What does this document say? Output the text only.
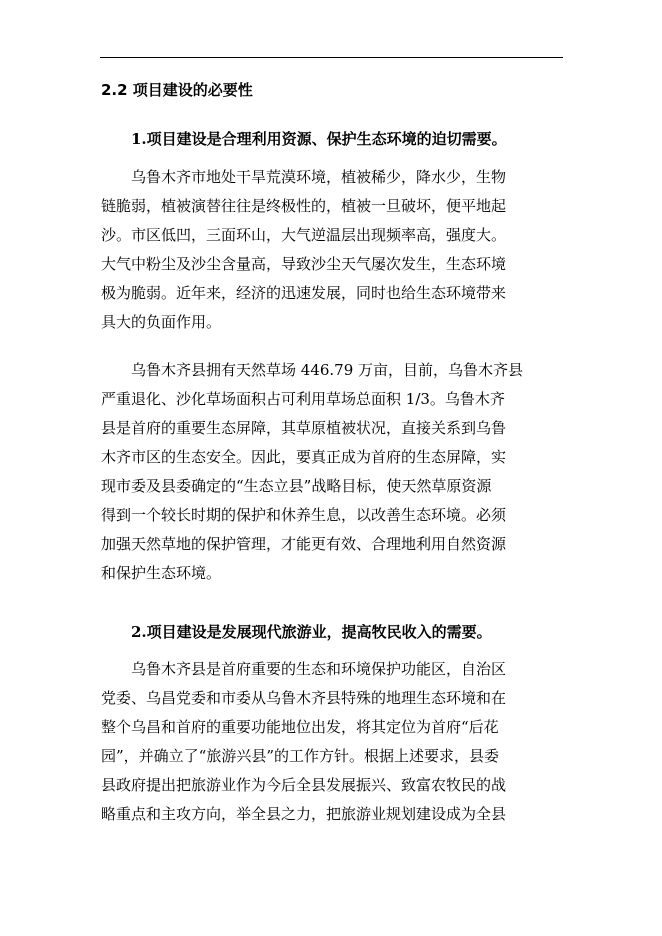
2.2 项目建设的必要性
1.项目建设是合理利用资源、保护生态环境的迫切需要。
乌鲁木齐市地处干旱荒漠环境，植被稀少，降水少，生物
链脆弱，植被演替往往是终极性的，植被一旦破坏，便平地起
沙。市区低凹，三面环山，大气逆温层出现频率高，强度大。
大气中粉尘及沙尘含量高，导致沙尘天气屡次发生，生态环境
极为脆弱。近年来，经济的迅速发展，同时也给生态环境带来
具大的负面作用。
乌鲁木齐县拥有天然草场 446.79 万亩，目前，乌鲁木齐县
严重退化、沙化草场面积占可利用草场总面积 1/3。乌鲁木齐
县是首府的重要生态屏障，其草原植被状况，直接关系到乌鲁
木齐市区的生态安全。因此，要真正成为首府的生态屏障，实
现市委及县委确定的“生态立县”战略目标，使天然草原资源
得到一个较长时期的保护和休养生息，以改善生态环境。必须
加强天然草地的保护管理，才能更有效、合理地利用自然资源
和保护生态环境。
2.项目建设是发展现代旅游业，提高牧民收入的需要。
乌鲁木齐县是首府重要的生态和环境保护功能区，自治区
党委、乌昌党委和市委从乌鲁木齐县特殊的地理生态环境和在
整个乌昌和首府的重要功能地位出发，将其定位为首府“后花
园”，并确立了“旅游兴县”的工作方针。根据上述要求，县委
县政府提出把旅游业作为今后全县发展振兴、致富农牧民的战
略重点和主攻方向，举全县之力，把旅游业规划建设成为全县
